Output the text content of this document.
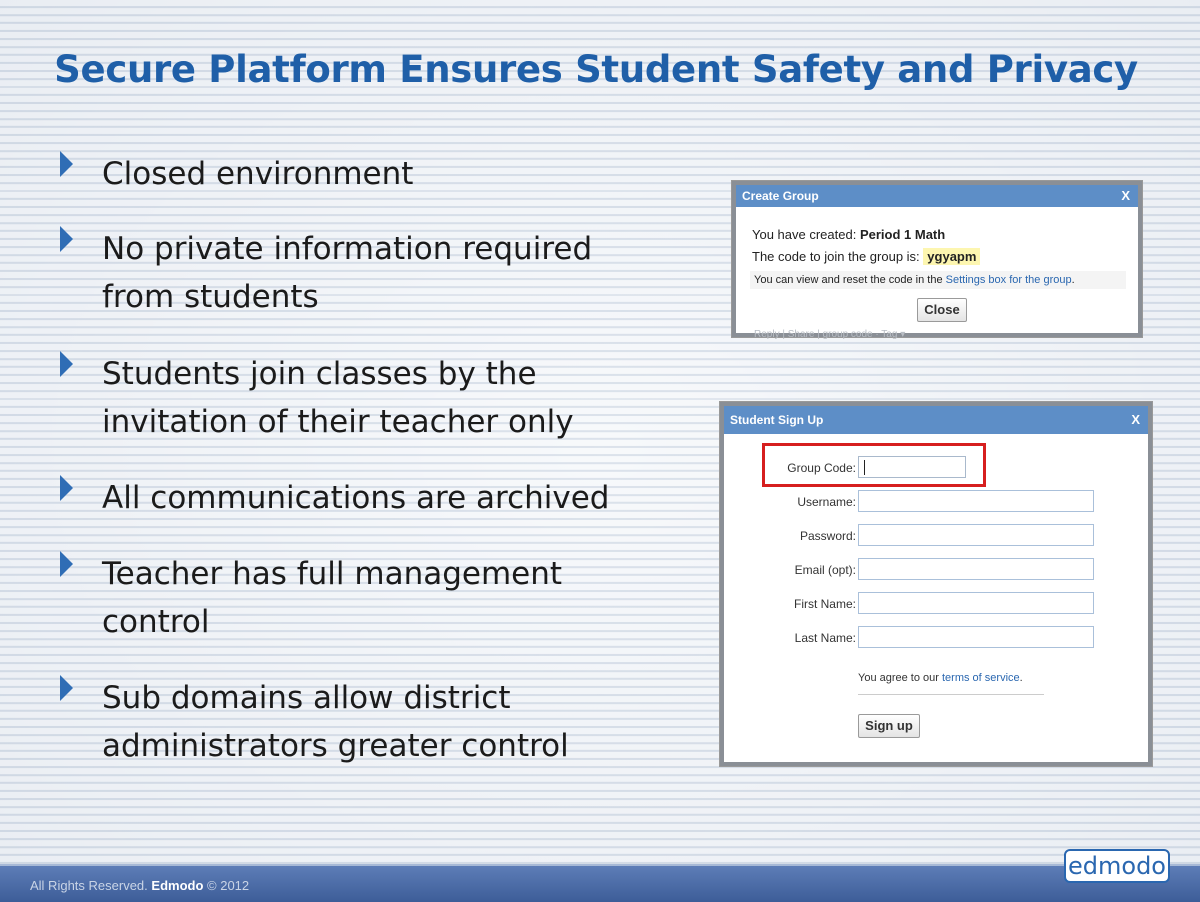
Secure Platform Ensures Student Safety and Privacy
Closed environment
No private information required
from students
Students join classes by the
invitation of their teacher only
All communications are archived
Teacher has full management
control
Sub domains allow district
administrators greater control
Create Group	X
You have created: Period 1 Math
The code to join the group is: ygyapm
You can view and reset the code in the Settings box for the group.
Close
Reply | Share | group code · Tag ▾
Student Sign Up	X
Group Code:
Username:
Password:
Email (opt):
First Name:
Last Name:
You agree to our terms of service.
Sign up
All Rights Reserved. Edmodo © 2012
edmodo
